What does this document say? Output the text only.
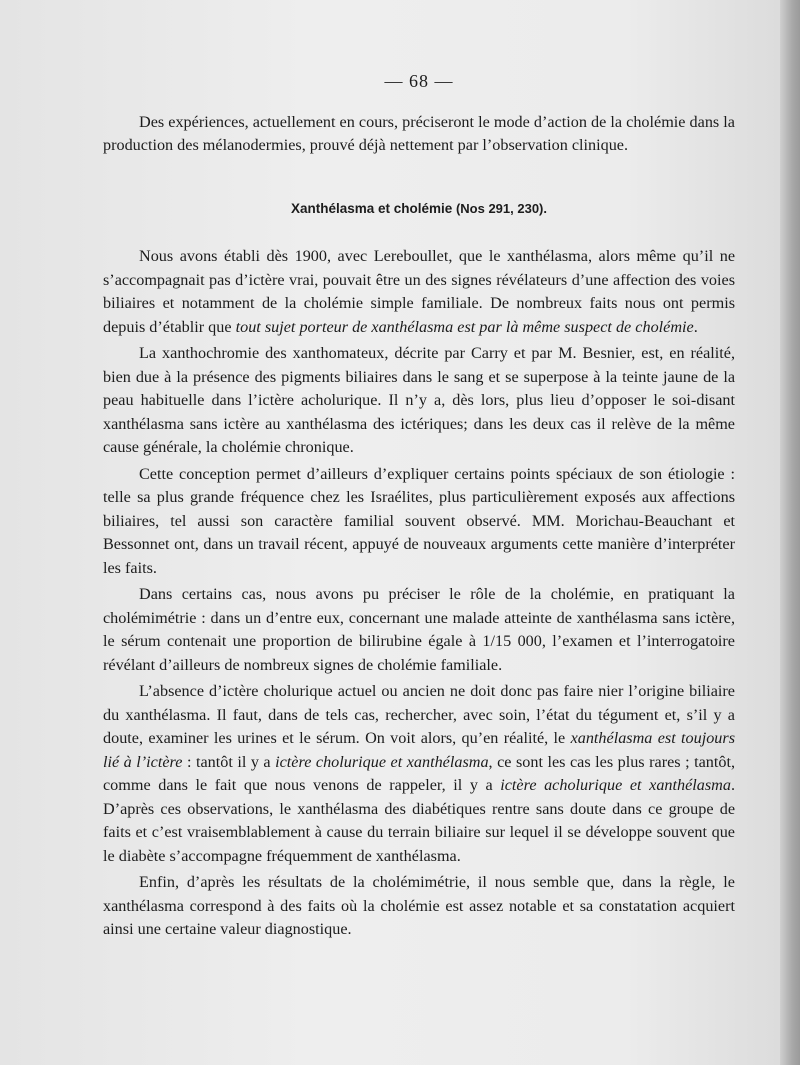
— 68 —

Des expériences, actuellement en cours, préciseront le mode d’action de la cholémie dans la production des mélanodermies, prouvé déjà nettement par l’observation clinique.

Xanthélasma et cholémie (Nos 291, 230).

Nous avons établi dès 1900, avec Lereboullet, que le xanthélasma, alors même qu’il ne s’accompagnait pas d’ictère vrai, pouvait être un des signes révélateurs d’une affection des voies biliaires et notamment de la cholémie simple familiale. De nombreux faits nous ont permis depuis d’établir que tout sujet porteur de xanthélasma est par là même suspect de cholémie.

La xanthochromie des xanthomateux, décrite par Carry et par M. Besnier, est, en réalité, bien due à la présence des pigments biliaires dans le sang et se superpose à la teinte jaune de la peau habituelle dans l’ictère acholurique. Il n’y a, dès lors, plus lieu d’opposer le soi-disant xanthélasma sans ictère au xanthélasma des ictériques; dans les deux cas il relève de la même cause générale, la cholémie chronique.

Cette conception permet d’ailleurs d’expliquer certains points spéciaux de son étiologie : telle sa plus grande fréquence chez les Israélites, plus particulièrement exposés aux affections biliaires, tel aussi son caractère familial souvent observé. MM. Morichau-Beauchant et Bessonnet ont, dans un travail récent, appuyé de nouveaux arguments cette manière d’interpréter les faits.

Dans certains cas, nous avons pu préciser le rôle de la cholémie, en pratiquant la cholémimétrie : dans un d’entre eux, concernant une malade atteinte de xanthélasma sans ictère, le sérum contenait une proportion de bilirubine égale à 1/15 000, l’examen et l’interrogatoire révélant d’ailleurs de nombreux signes de cholémie familiale.

L’absence d’ictère cholurique actuel ou ancien ne doit donc pas faire nier l’origine biliaire du xanthélasma. Il faut, dans de tels cas, rechercher, avec soin, l’état du tégument et, s’il y a doute, examiner les urines et le sérum. On voit alors, qu’en réalité, le xanthélasma est toujours lié à l’ictère : tantôt il y a ictère cholurique et xanthélasma, ce sont les cas les plus rares ; tantôt, comme dans le fait que nous venons de rappeler, il y a ictère acholurique et xanthélasma. D’après ces observations, le xanthélasma des diabétiques rentre sans doute dans ce groupe de faits et c’est vraisemblablement à cause du terrain biliaire sur lequel il se développe souvent que le diabète s’accompagne fréquemment de xanthélasma.

Enfin, d’après les résultats de la cholémimétrie, il nous semble que, dans la règle, le xanthélasma correspond à des faits où la cholémie est assez notable et sa constatation acquiert ainsi une certaine valeur diagnostique.
